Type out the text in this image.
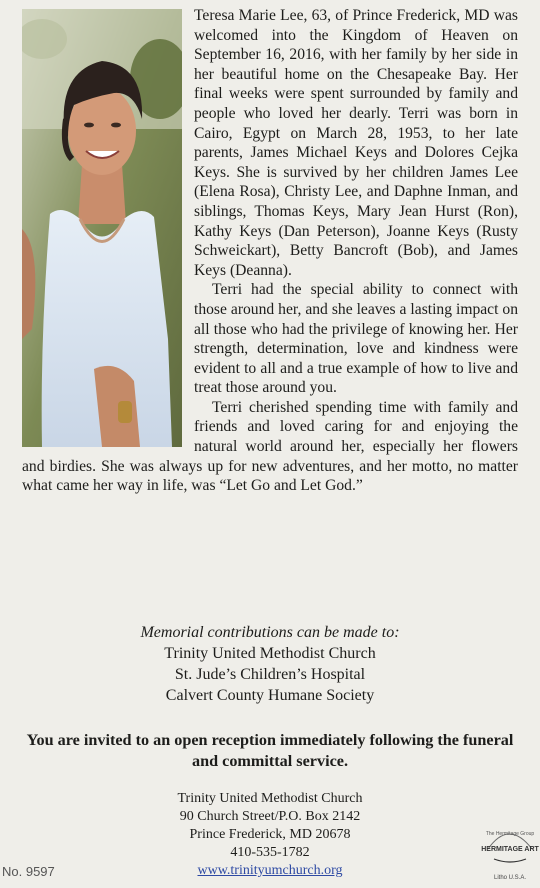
Teresa Marie Lee, 63, of Prince Frederick, MD was welcomed into the Kingdom of Heaven on September 16, 2016, with her family by her side in her beautiful home on the Chesapeake Bay. Her final weeks were spent surrounded by family and people who loved her dearly. Terri was born in Cairo, Egypt on March 28, 1953, to her late parents, James Michael Keys and Dolores Cejka Keys. She is survived by her children James Lee (Elena Rosa), Christy Lee, and Daphne Inman, and siblings, Thomas Keys, Mary Jean Hurst (Ron), Kathy Keys (Dan Peterson), Joanne Keys (Rusty Schweickart), Betty Bancroft (Bob), and James Keys (Deanna).

Terri had the special ability to connect with those around her, and she leaves a lasting impact on all those who had the privilege of knowing her. Her strength, determination, love and kindness were evident to all and a true example of how to live and treat those around you.

Terri cherished spending time with family and friends and loved caring for and enjoying the natural world around her, especially her flowers and birdies. She was always up for new adventures, and her motto, no matter what came her way in life, was “Let Go and Let God.”

Memorial contributions can be made to:
Trinity United Methodist Church
St. Jude’s Children’s Hospital
Calvert County Humane Society
You are invited to an open reception immediately following the funeral and committal service.
Trinity United Methodist Church
90 Church Street/P.O. Box 2142
Prince Frederick, MD 20678
410-535-1782
www.trinityumchurch.org
No. 9597
The Hermitage Group
HERMITAGE ART
Litho U.S.A.
